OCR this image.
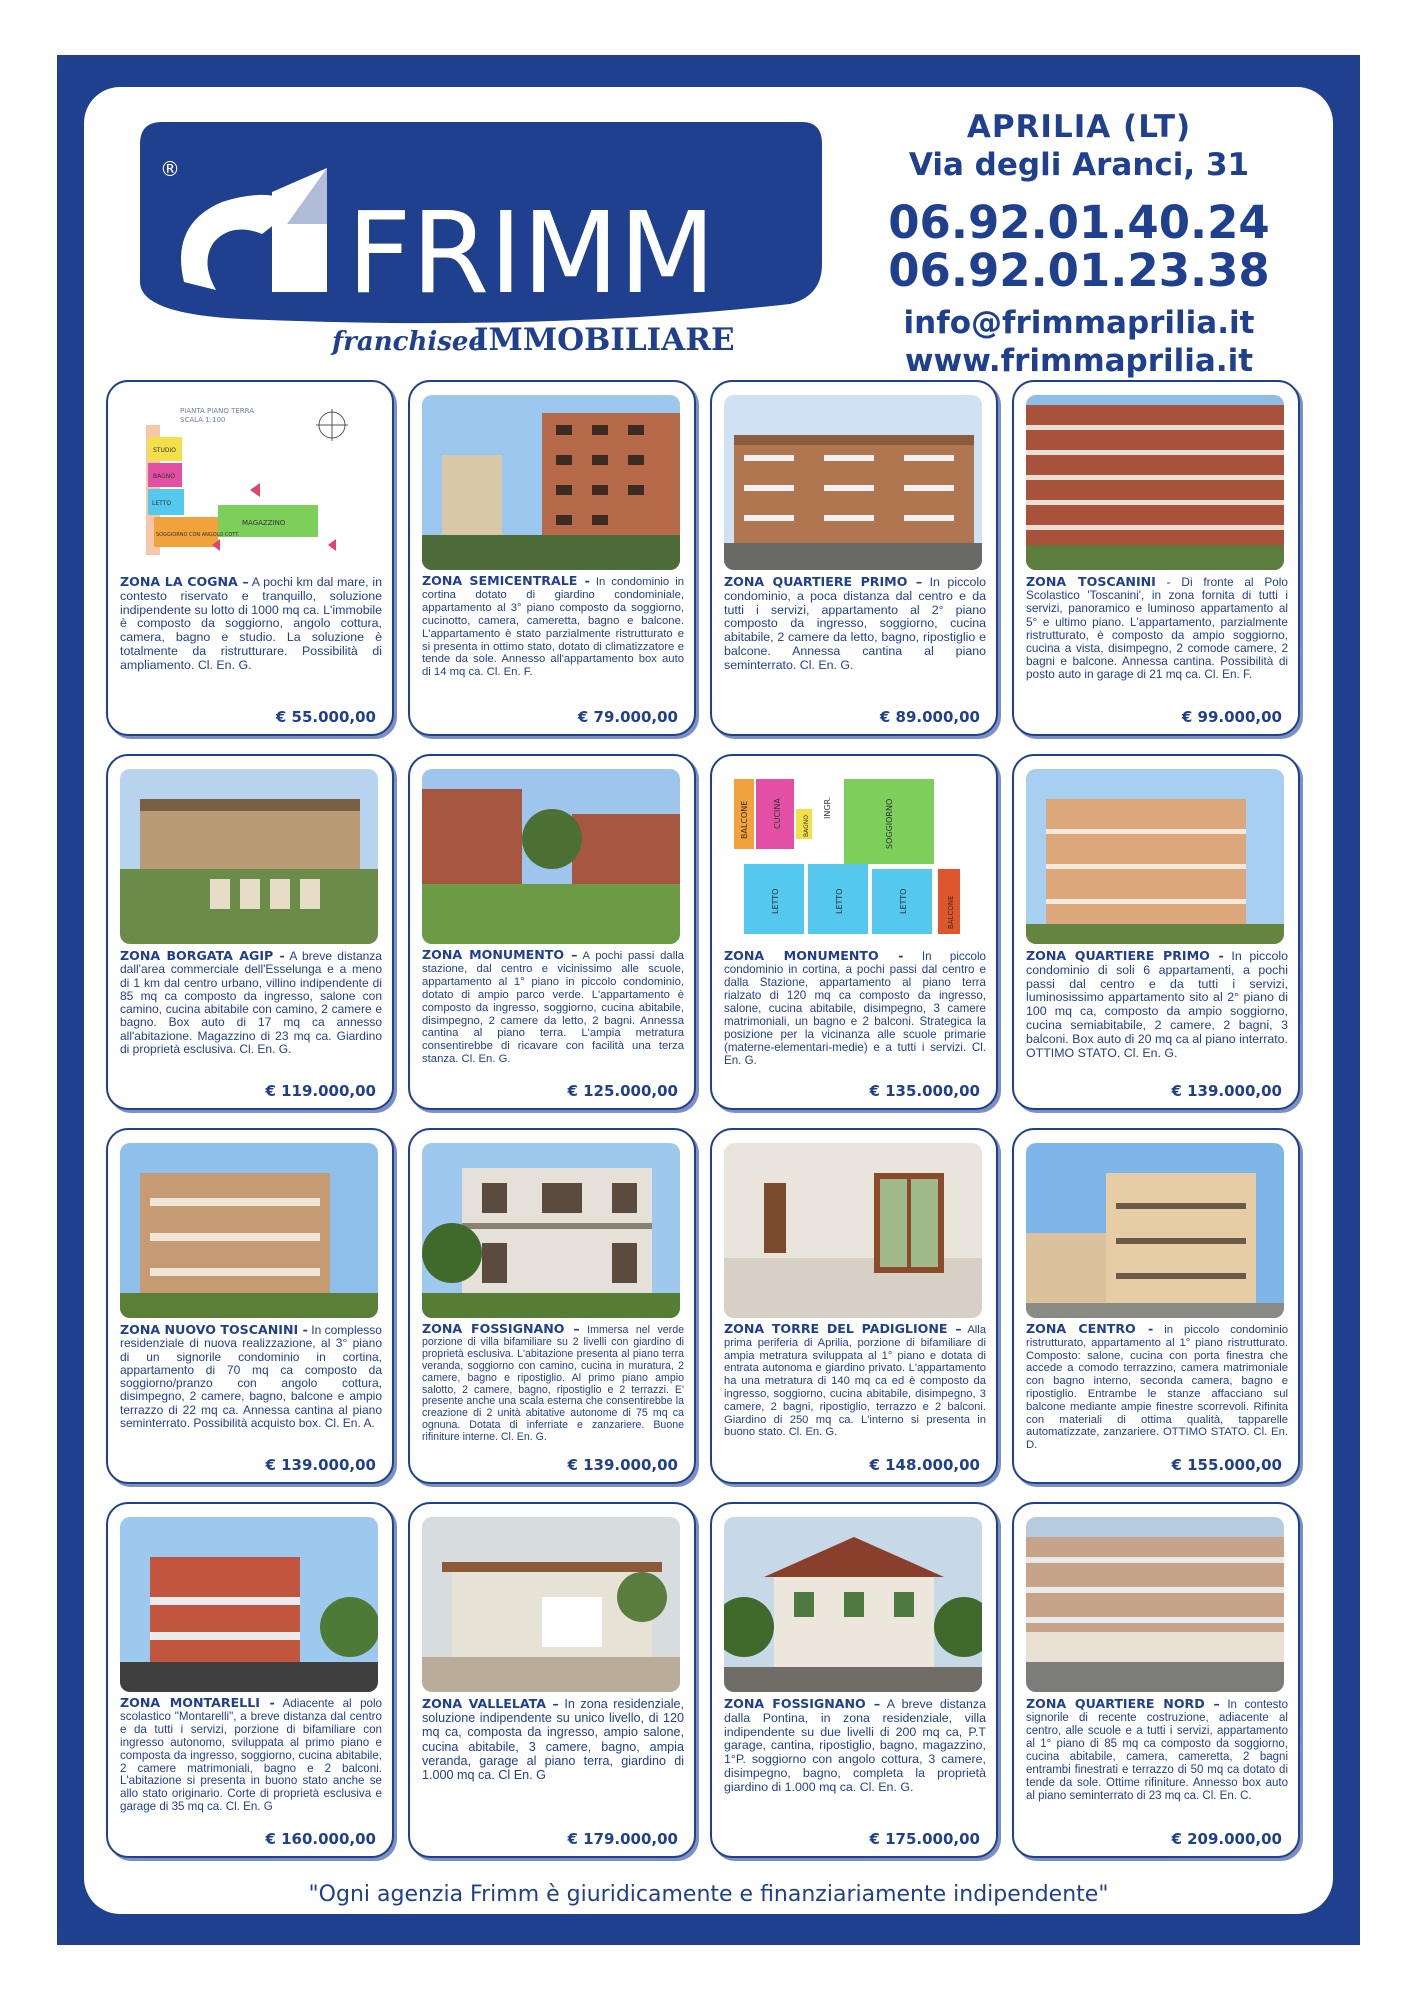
®
FRIMM
franchisee
IMMOBILIARE
APRILIA (LT)
Via degli Aranci, 31
06.92.01.40.24
06.92.01.23.38
info@frimmaprilia.it
www.frimmaprilia.it
PIANTA PIANO TERRA
SCALA 1:100
STUDIO
BAGNO
LETTO
MAGAZZINO
SOGGIORNO CON ANGOLO COTT.
ZONA LA COGNA – A pochi km dal mare, in contesto riservato e tranquillo, soluzione indipendente su lotto di 1000 mq ca. L'immobile è composto da soggiorno, angolo cottura, camera, bagno e studio. La soluzione è totalmente da ristrutturare. Possibilità di ampliamento. Cl. En. G.
€ 55.000,00
ZONA SEMICENTRALE - In condominio in cortina dotato di giardino condominiale, appartamento al 3° piano composto da soggiorno, cucinotto, camera, cameretta, bagno e balcone. L'appartamento è stato parzialmente ristrutturato e si presenta in ottimo stato, dotato di climatizzatore e tende da sole. Annesso all'appartamento box auto di 14 mq ca. Cl. En. F.
€ 79.000,00
ZONA QUARTIERE PRIMO – In piccolo condominio, a poca distanza dal centro e da tutti i servizi, appartamento al 2° piano composto da ingresso, soggiorno, cucina abitabile, 2 camere da letto, bagno, ripostiglio e balcone. Annessa cantina al piano seminterrato. Cl. En. G.
€ 89.000,00
ZONA TOSCANINI - Di fronte al Polo Scolastico 'Toscanini', in zona fornita di tutti i servizi, panoramico e luminoso appartamento al 5° e ultimo piano. L'appartamento, parzialmente ristrutturato, è composto da ampio soggiorno, cucina a vista, disimpegno, 2 comode camere, 2 bagni e balcone. Annessa cantina. Possibilità di posto auto in garage di 21 mq ca. Cl. En. F.
€ 99.000,00
ZONA BORGATA AGIP - A breve distanza dall'area commerciale dell'Esselunga e a meno di 1 km dal centro urbano, villino indipendente di 85 mq ca composto da ingresso, salone con camino, cucina abitabile con camino, 2 camere e bagno. Box auto di 17 mq ca annesso all'abitazione. Magazzino di 23 mq ca. Giardino di proprietà esclusiva. Cl. En. G.
€ 119.000,00
ZONA MONUMENTO – A pochi passi dalla stazione, dal centro e vicinissimo alle scuole, appartamento al 1° piano in piccolo condominio, dotato di ampio parco verde. L'appartamento è composto da ingresso, soggiorno, cucina abitabile, disimpegno, 2 camere da letto, 2 bagni. Annessa cantina al piano terra. L'ampia metratura consentirebbe di ricavare con facilità una terza stanza. Cl. En. G.
€ 125.000,00
BALCONE	CUCINA	BAGNO
INGR.	SOGGIORNO
LETTO	LETTO	LETTO	BALCONE
ZONA MONUMENTO - In piccolo condominio in cortina, a pochi passi dal centro e dalla Stazione, appartamento al piano terra rialzato di 120 mq ca composto da ingresso, salone, cucina abitabile, disimpegno, 3 camere matrimoniali, un bagno e 2 balconi. Strategica la posizione per la vicinanza alle scuole primarie (materne-elementari-medie) e a tutti i servizi. Cl. En. G.
€ 135.000,00
ZONA QUARTIERE PRIMO - In piccolo condominio di soli 6 appartamenti, a pochi passi dal centro e da tutti i servizi, luminosissimo appartamento sito al 2° piano di 100 mq ca, composto da ampio soggiorno, cucina semiabitabile, 2 camere, 2 bagni, 3 balconi. Box auto di 20 mq ca al piano interrato. OTTIMO STATO. Cl. En. G.
€ 139.000,00
ZONA NUOVO TOSCANINI - In complesso residenziale di nuova realizzazione, al 3° piano di un signorile condominio in cortina, appartamento di 70 mq ca composto da soggiorno/pranzo con angolo cottura, disimpegno, 2 camere, bagno, balcone e ampio terrazzo di 22 mq ca. Annessa cantina al piano seminterrato. Possibilità acquisto box. Cl. En. A.
€ 139.000,00
ZONA FOSSIGNANO – Immersa nel verde porzione di villa bifamiliare su 2 livelli con giardino di proprietà esclusiva. L'abitazione presenta al piano terra veranda, soggiorno con camino, cucina in muratura, 2 camere, bagno e ripostiglio. Al primo piano ampio salotto, 2 camere, bagno, ripostiglio e 2 terrazzi. E' presente anche una scala esterna che consentirebbe la creazione di 2 unità abitative autonome di 75 mq ca ognuna. Dotata di inferriate e zanzariere. Buone rifiniture interne. Cl. En. G.
€ 139.000,00
ZONA TORRE DEL PADIGLIONE – Alla prima periferia di Aprilia, porzione di bifamiliare di ampia metratura sviluppata al 1° piano e dotata di entrata autonoma e giardino privato. L'appartamento ha una metratura di 140 mq ca ed è composto da ingresso, soggiorno, cucina abitabile, disimpegno, 3 camere, 2 bagni, ripostiglio, terrazzo e 2 balconi. Giardino di 250 mq ca. L'interno si presenta in buono stato. Cl. En. G.
€ 148.000,00
ZONA CENTRO - in piccolo condominio ristrutturato, appartamento al 1° piano ristrutturato. Composto: salone, cucina con porta finestra che accede a comodo terrazzino, camera matrimoniale con bagno interno, seconda camera, bagno e ripostiglio. Entrambe le stanze affacciano sul balcone mediante ampie finestre scorrevoli. Rifinita con materiali di ottima qualità, tapparelle automatizzate, zanzariere. OTTIMO STATO. Cl. En. D.
€ 155.000,00
ZONA MONTARELLI - Adiacente al polo scolastico "Montarelli", a breve distanza dal centro e da tutti i servizi, porzione di bifamiliare con ingresso autonomo, sviluppata al primo piano e composta da ingresso, soggiorno, cucina abitabile, 2 camere matrimoniali, bagno e 2 balconi. L'abitazione si presenta in buono stato anche se allo stato originario. Corte di proprietà esclusiva e garage di 35 mq ca. Cl. En. G
€ 160.000,00
ZONA VALLELATA – In zona residenziale, soluzione indipendente su unico livello, di 120 mq ca, composta da ingresso, ampio salone, cucina abitabile, 3 camere, bagno, ampia veranda, garage al piano terra, giardino di 1.000 mq ca. Cl En. G
€ 179.000,00
ZONA FOSSIGNANO – A breve distanza dalla Pontina, in zona residenziale, villa indipendente su due livelli di 200 mq ca, P.T garage, cantina, ripostiglio, bagno, magazzino, 1°P. soggiorno con angolo cottura, 3 camere, disimpegno, bagno, completa la proprietà giardino di 1.000 mq ca. Cl. En. G.
€ 175.000,00
ZONA QUARTIERE NORD – In contesto signorile di recente costruzione, adiacente al centro, alle scuole e a tutti i servizi, appartamento al 1° piano di 85 mq ca composto da soggiorno, cucina abitabile, camera, cameretta, 2 bagni entrambi finestrati e terrazzo di 50 mq ca dotato di tende da sole. Ottime rifiniture. Annesso box auto al piano seminterrato di 23 mq ca. Cl. En. C.
€ 209.000,00
"Ogni agenzia Frimm è giuridicamente e finanziariamente indipendente"
